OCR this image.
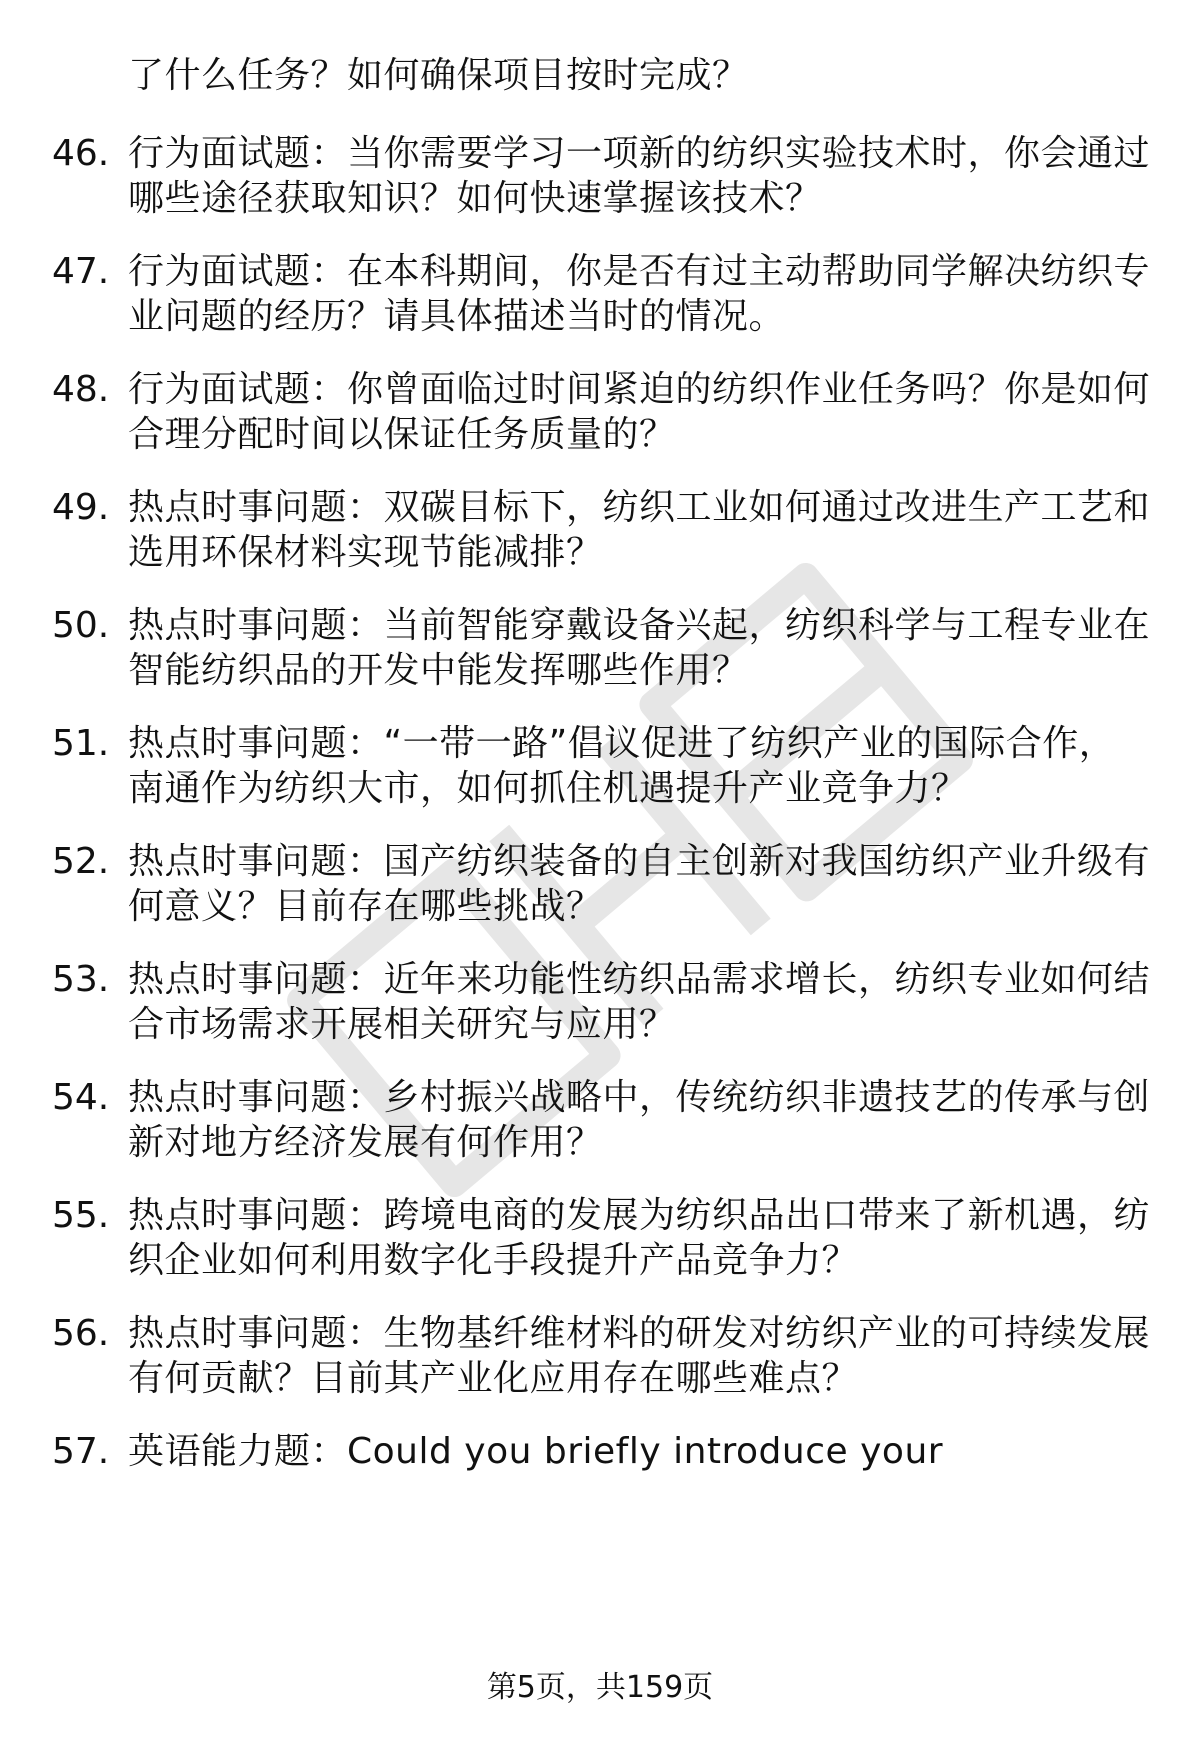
了什么任务？如何确保项目按时完成？
46. 行为面试题：当你需要学习一项新的纺织实验技术时，你会通过
哪些途径获取知识？如何快速掌握该技术？
47. 行为面试题：在本科期间，你是否有过主动帮助同学解决纺织专
业问题的经历？请具体描述当时的情况。
48. 行为面试题：你曾面临过时间紧迫的纺织作业任务吗？你是如何
合理分配时间以保证任务质量的？
49. 热点时事问题：双碳目标下，纺织工业如何通过改进生产工艺和
选用环保材料实现节能减排？
50. 热点时事问题：当前智能穿戴设备兴起，纺织科学与工程专业在
智能纺织品的开发中能发挥哪些作用？
51. 热点时事问题：“一带一路”倡议促进了纺织产业的国际合作，
南通作为纺织大市，如何抓住机遇提升产业竞争力？
52. 热点时事问题：国产纺织装备的自主创新对我国纺织产业升级有
何意义？目前存在哪些挑战？
53. 热点时事问题：近年来功能性纺织品需求增长，纺织专业如何结
合市场需求开展相关研究与应用？
54. 热点时事问题：乡村振兴战略中，传统纺织非遗技艺的传承与创
新对地方经济发展有何作用？
55. 热点时事问题：跨境电商的发展为纺织品出口带来了新机遇，纺
织企业如何利用数字化手段提升产品竞争力？
56. 热点时事问题：生物基纤维材料的研发对纺织产业的可持续发展
有何贡献？目前其产业化应用存在哪些难点？
57. 英语能力题：Could you briefly introduce your
第5页，共159页
